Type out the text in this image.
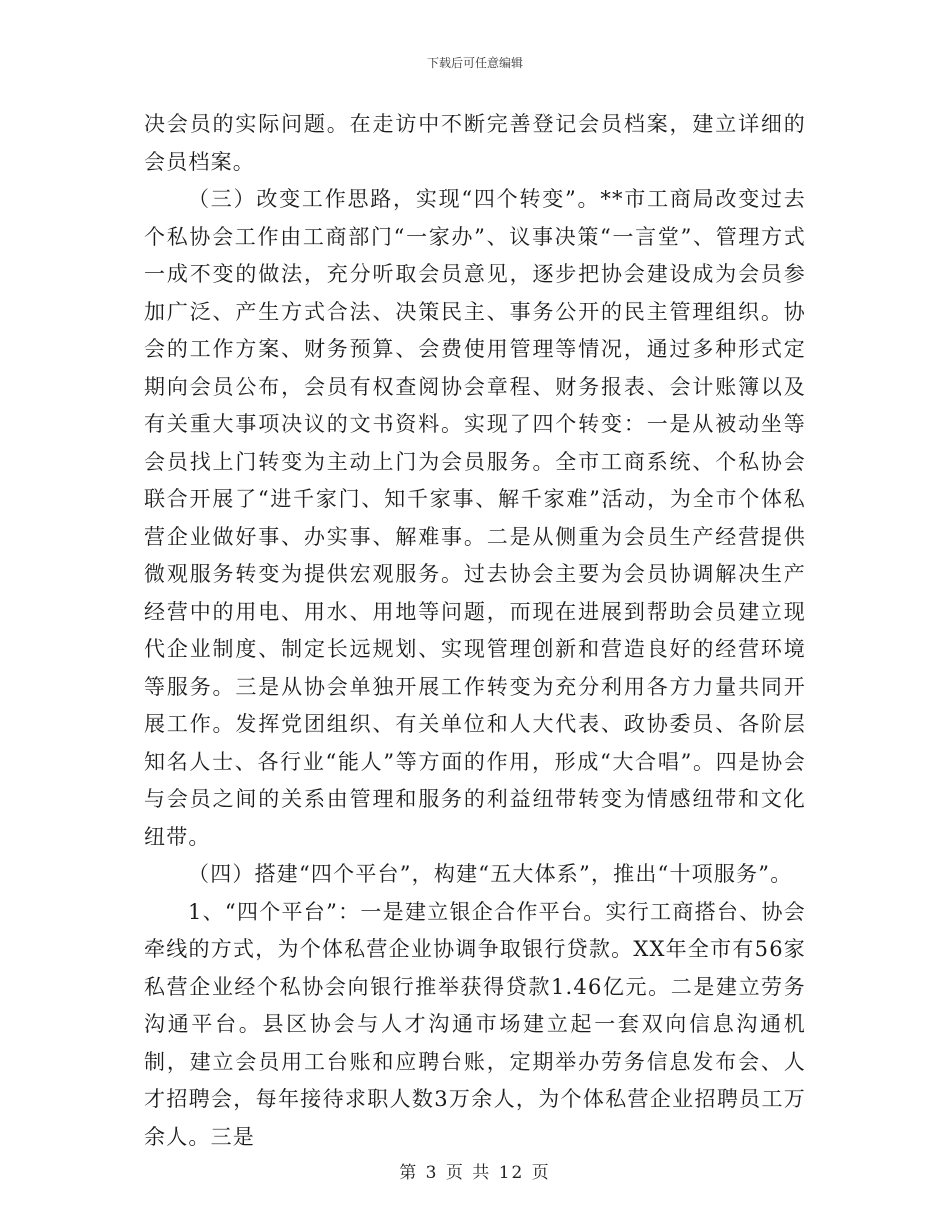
下载后可任意编辑

决会员的实际问题。在走访中不断完善登记会员档案，建立详细的会员档案。

（三）改变工作思路，实现“四个转变”。**市工商局改变过去个私协会工作由工商部门“一家办”、议事决策“一言堂”、管理方式一成不变的做法，充分听取会员意见，逐步把协会建设成为会员参加广泛、产生方式合法、决策民主、事务公开的民主管理组织。协会的工作方案、财务预算、会费使用管理等情况，通过多种形式定期向会员公布，会员有权查阅协会章程、财务报表、会计账簿以及有关重大事项决议的文书资料。实现了四个转变：一是从被动坐等会员找上门转变为主动上门为会员服务。全市工商系统、个私协会联合开展了“进千家门、知千家事、解千家难”活动，为全市个体私营企业做好事、办实事、解难事。二是从侧重为会员生产经营提供微观服务转变为提供宏观服务。过去协会主要为会员协调解决生产经营中的用电、用水、用地等问题，而现在进展到帮助会员建立现代企业制度、制定长远规划、实现管理创新和营造良好的经营环境等服务。三是从协会单独开展工作转变为充分利用各方力量共同开展工作。发挥党团组织、有关单位和人大代表、政协委员、各阶层知名人士、各行业“能人”等方面的作用，形成“大合唱”。四是协会与会员之间的关系由管理和服务的利益纽带转变为情感纽带和文化纽带。

（四）搭建“四个平台”，构建“五大体系”，推出“十项服务”。

1、“四个平台”：一是建立银企合作平台。实行工商搭台、协会牵线的方式，为个体私营企业协调争取银行贷款。XX年全市有56家私营企业经个私协会向银行推举获得贷款1.46亿元。二是建立劳务沟通平台。县区协会与人才沟通市场建立起一套双向信息沟通机制，建立会员用工台账和应聘台账，定期举办劳务信息发布会、人才招聘会，每年接待求职人数3万余人，为个体私营企业招聘员工万余人。三是

第 3 页 共 12 页
